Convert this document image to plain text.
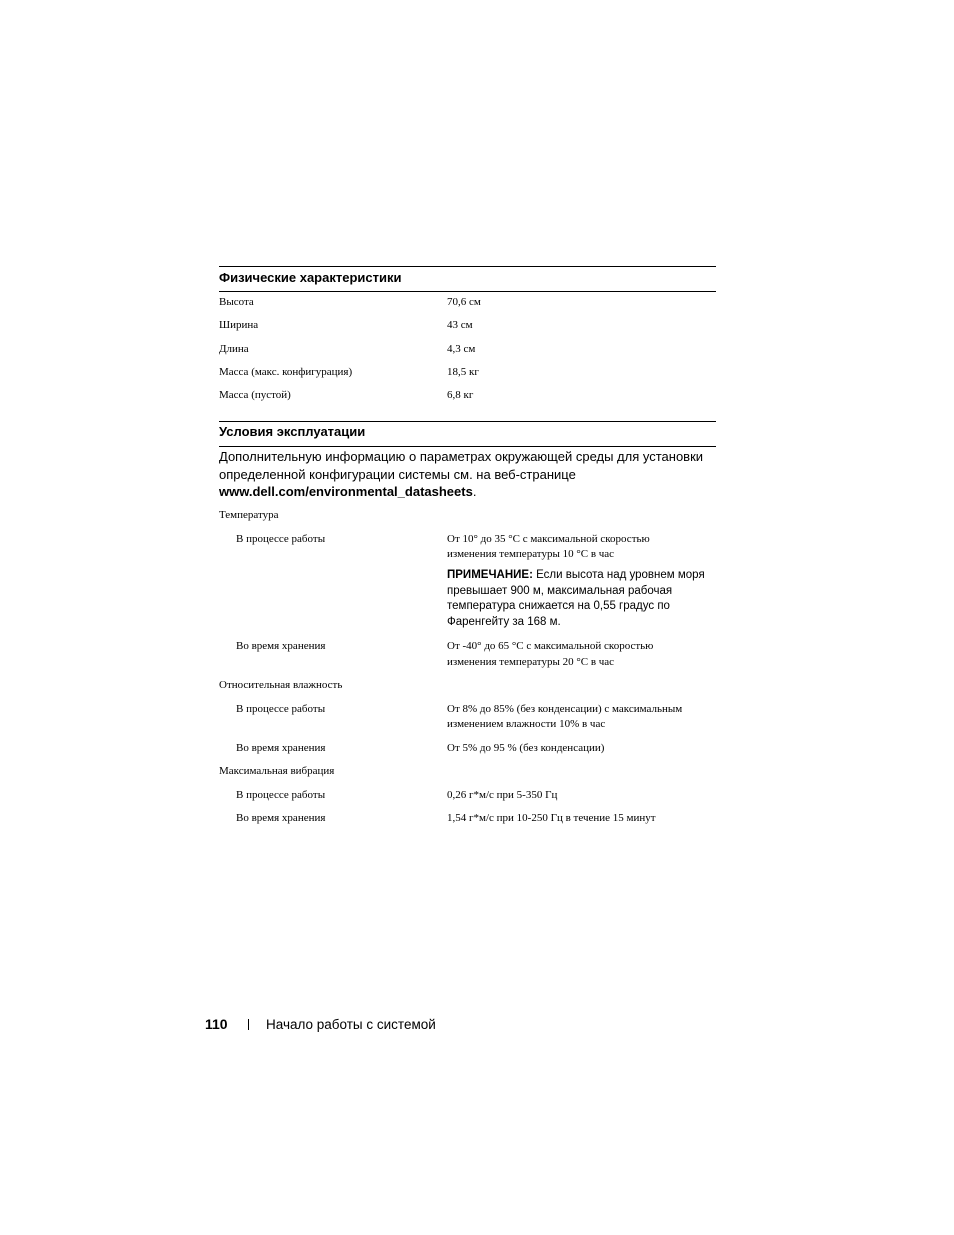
Физические характеристики
Высота	70,6 см
Ширина	43 см
Длина	4,3 см
Масса (макс. конфигурация)	18,5 кг
Масса (пустой)	6,8 кг
Условия эксплуатации
Дополнительную информацию о параметрах окружающей среды для установки определенной конфигурации системы см. на веб-странице www.dell.com/environmental_datasheets.
Температура
В процессе работы	От 10° до 35 °C с максимальной скоростью
изменения температуры 10 °C в час
ПРИМЕЧАНИЕ: Если высота над уровнем моря превышает 900 м, максимальная рабочая температура снижается на 0,55 градус по Фаренгейту за 168 м.
Во время хранения	От -40° до 65 °C с максимальной скоростью
изменения температуры 20 °C в час
Относительная влажность
В процессе работы	От 8% до 85% (без конденсации) с максимальным
изменением влажности 10% в час
Во время хранения	От 5% до 95 % (без конденсации)
Максимальная вибрация
В процессе работы	0,26 г*м/с при 5-350 Гц
Во время хранения	1,54 г*м/с при 10-250 Гц в течение 15 минут
110	Начало работы с системой
